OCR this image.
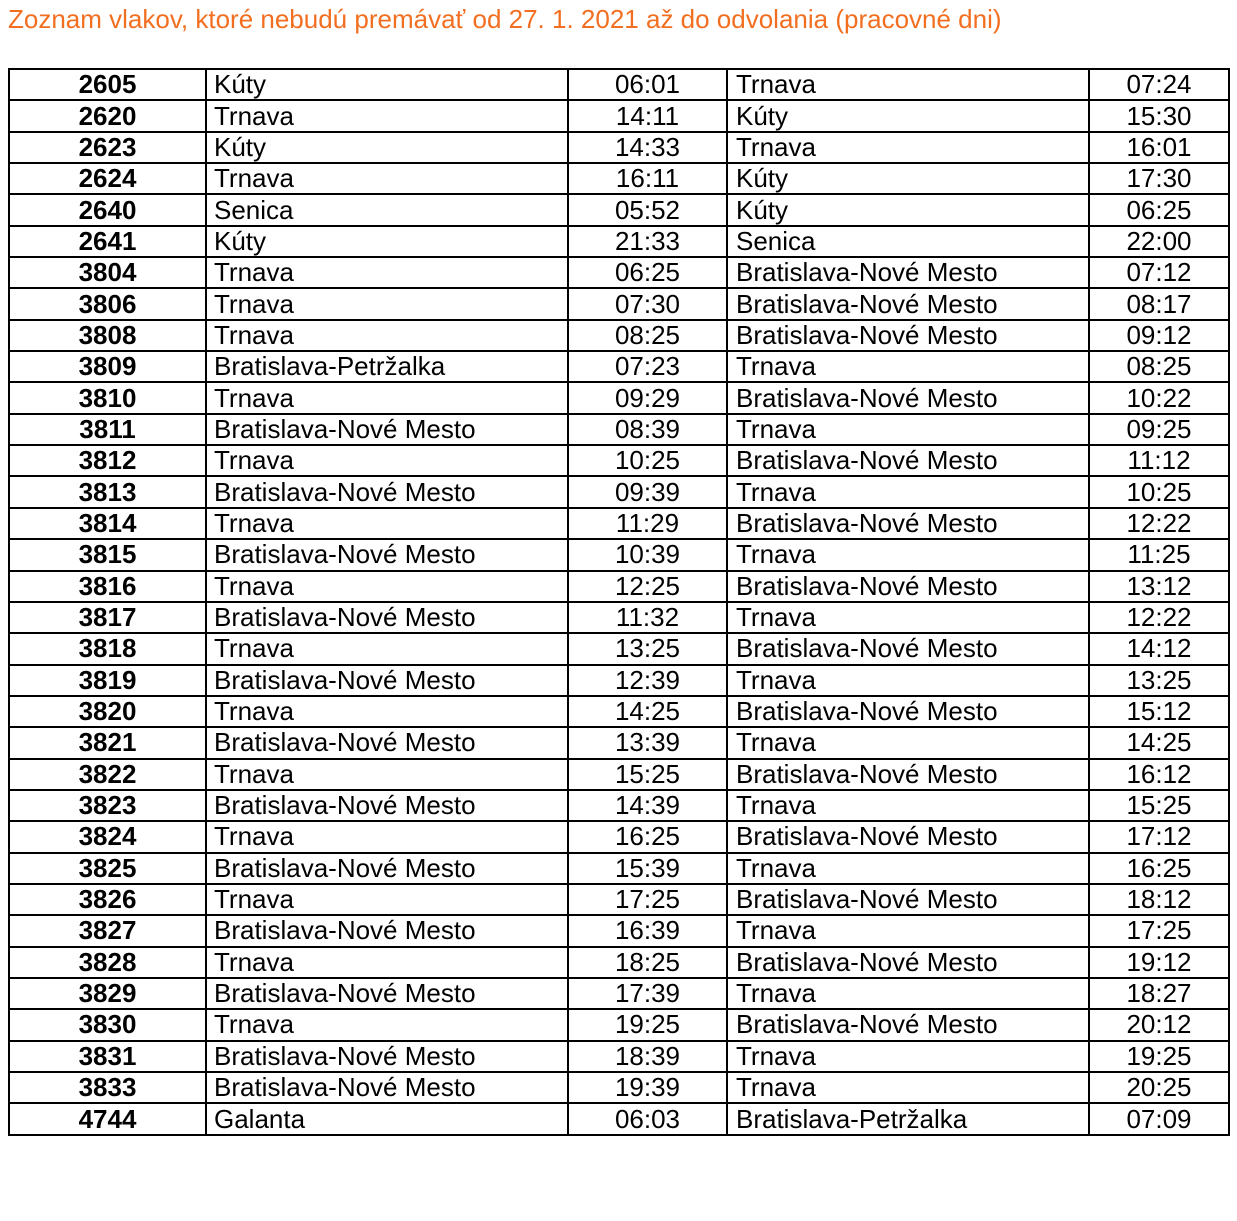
Zoznam vlakov, ktoré nebudú premávať od 27. 1. 2021 až do odvolania (pracovné dni)
2605	Kúty	06:01	Trnava	07:24
2620	Trnava	14:11	Kúty	15:30
2623	Kúty	14:33	Trnava	16:01
2624	Trnava	16:11	Kúty	17:30
2640	Senica	05:52	Kúty	06:25
2641	Kúty	21:33	Senica	22:00
3804	Trnava	06:25	Bratislava-Nové Mesto	07:12
3806	Trnava	07:30	Bratislava-Nové Mesto	08:17
3808	Trnava	08:25	Bratislava-Nové Mesto	09:12
3809	Bratislava-Petržalka	07:23	Trnava	08:25
3810	Trnava	09:29	Bratislava-Nové Mesto	10:22
3811	Bratislava-Nové Mesto	08:39	Trnava	09:25
3812	Trnava	10:25	Bratislava-Nové Mesto	11:12
3813	Bratislava-Nové Mesto	09:39	Trnava	10:25
3814	Trnava	11:29	Bratislava-Nové Mesto	12:22
3815	Bratislava-Nové Mesto	10:39	Trnava	11:25
3816	Trnava	12:25	Bratislava-Nové Mesto	13:12
3817	Bratislava-Nové Mesto	11:32	Trnava	12:22
3818	Trnava	13:25	Bratislava-Nové Mesto	14:12
3819	Bratislava-Nové Mesto	12:39	Trnava	13:25
3820	Trnava	14:25	Bratislava-Nové Mesto	15:12
3821	Bratislava-Nové Mesto	13:39	Trnava	14:25
3822	Trnava	15:25	Bratislava-Nové Mesto	16:12
3823	Bratislava-Nové Mesto	14:39	Trnava	15:25
3824	Trnava	16:25	Bratislava-Nové Mesto	17:12
3825	Bratislava-Nové Mesto	15:39	Trnava	16:25
3826	Trnava	17:25	Bratislava-Nové Mesto	18:12
3827	Bratislava-Nové Mesto	16:39	Trnava	17:25
3828	Trnava	18:25	Bratislava-Nové Mesto	19:12
3829	Bratislava-Nové Mesto	17:39	Trnava	18:27
3830	Trnava	19:25	Bratislava-Nové Mesto	20:12
3831	Bratislava-Nové Mesto	18:39	Trnava	19:25
3833	Bratislava-Nové Mesto	19:39	Trnava	20:25
4744	Galanta	06:03	Bratislava-Petržalka	07:09
